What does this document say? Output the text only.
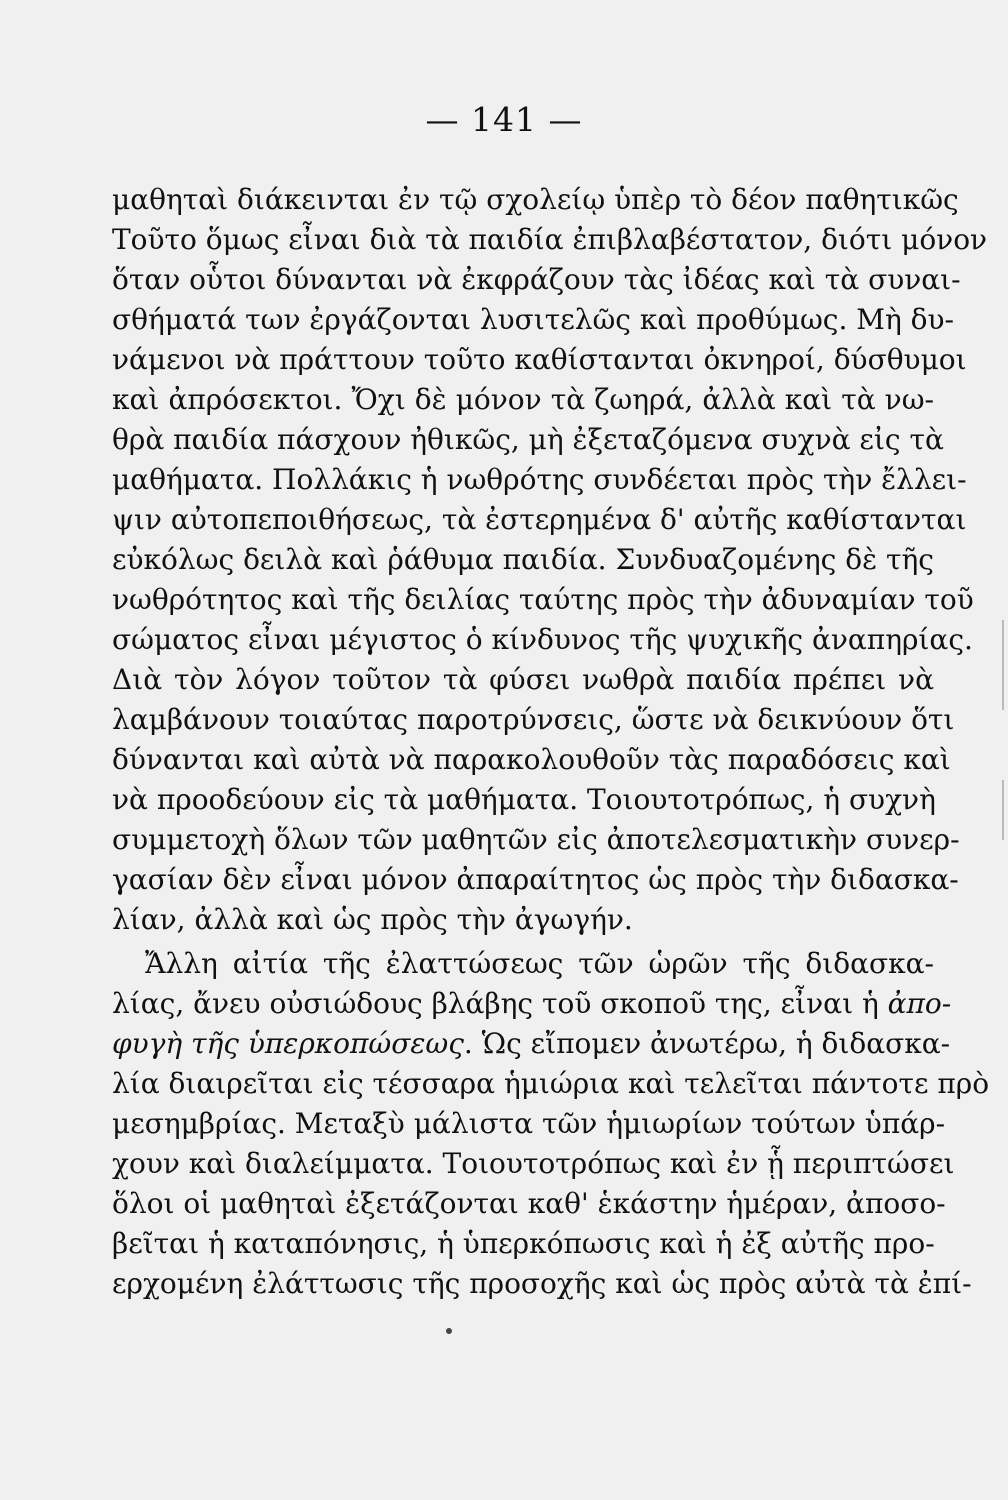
— 141 —
μαθηταὶ διάκεινται ἐν τῷ σχολείῳ ὑπὲρ τὸ δέον παθητικῶς
Τοῦτο ὅμως εἶναι διὰ τὰ παιδία ἐπιβλαβέστατον, διότι μόνον
ὅταν οὗτοι δύνανται νὰ ἐκφράζουν τὰς ἰδέας καὶ τὰ συναι-
σθήματά των ἐργάζονται λυσιτελῶς καὶ προθύμως. Μὴ δυ-
νάμενοι νὰ πράττουν τοῦτο καθίστανται ὀκνηροί, δύσθυμοι
καὶ ἀπρόσεκτοι. Ὄχι δὲ μόνον τὰ ζωηρά, ἀλλὰ καὶ τὰ νω-
θρὰ παιδία πάσχουν ἠθικῶς, μὴ ἐξεταζόμενα συχνὰ εἰς τὰ
μαθήματα. Πολλάκις ἡ νωθρότης συνδέεται πρὸς τὴν ἔλλει-
ψιν αὐτοπεποιθήσεως, τὰ ἐστερημένα δ' αὐτῆς καθίστανται
εὐκόλως δειλὰ καὶ ῥάθυμα παιδία. Συνδυαζομένης δὲ τῆς
νωθρότητος καὶ τῆς δειλίας ταύτης πρὸς τὴν ἀδυναμίαν τοῦ
σώματος εἶναι μέγιστος ὁ κίνδυνος τῆς ψυχικῆς ἀναπηρίας.
Διὰ τὸν λόγον τοῦτον τὰ φύσει νωθρὰ παιδία πρέπει νὰ
λαμβάνουν τοιαύτας παροτρύνσεις, ὥστε νὰ δεικνύουν ὅτι
δύνανται καὶ αὐτὰ νὰ παρακολουθοῦν τὰς παραδόσεις καὶ
νὰ προοδεύουν εἰς τὰ μαθήματα. Τοιουτοτρόπως, ἡ συχνὴ
συμμετοχὴ ὅλων τῶν μαθητῶν εἰς ἀποτελεσματικὴν συνερ-
γασίαν δὲν εἶναι μόνον ἀπαραίτητος ὡς πρὸς τὴν διδασκα-
λίαν, ἀλλὰ καὶ ὡς πρὸς τὴν ἀγωγήν.
Ἄλλη αἰτία τῆς ἐλαττώσεως τῶν ὡρῶν τῆς διδασκα-
λίας, ἄνευ οὐσιώδους βλάβης τοῦ σκοποῦ της, εἶναι ἡ ἀπο-
φυγὴ τῆς ὑπερκοπώσεως. Ὡς εἴπομεν ἀνωτέρω, ἡ διδασκα-
λία διαιρεῖται εἰς τέσσαρα ἡμιώρια καὶ τελεῖται πάντοτε πρὸ
μεσημβρίας. Μεταξὺ μάλιστα τῶν ἡμιωρίων τούτων ὑπάρ-
χουν καὶ διαλείμματα. Τοιουτοτρόπως καὶ ἐν ᾗ περιπτώσει
ὅλοι οἱ μαθηταὶ ἐξετάζονται καθ' ἑκάστην ἡμέραν, ἀποσο-
βεῖται ἡ καταπόνησις, ἡ ὑπερκόπωσις καὶ ἡ ἐξ αὐτῆς προ-
ερχομένη ἐλάττωσις τῆς προσοχῆς καὶ ὡς πρὸς αὐτὰ τὰ ἐπί-
